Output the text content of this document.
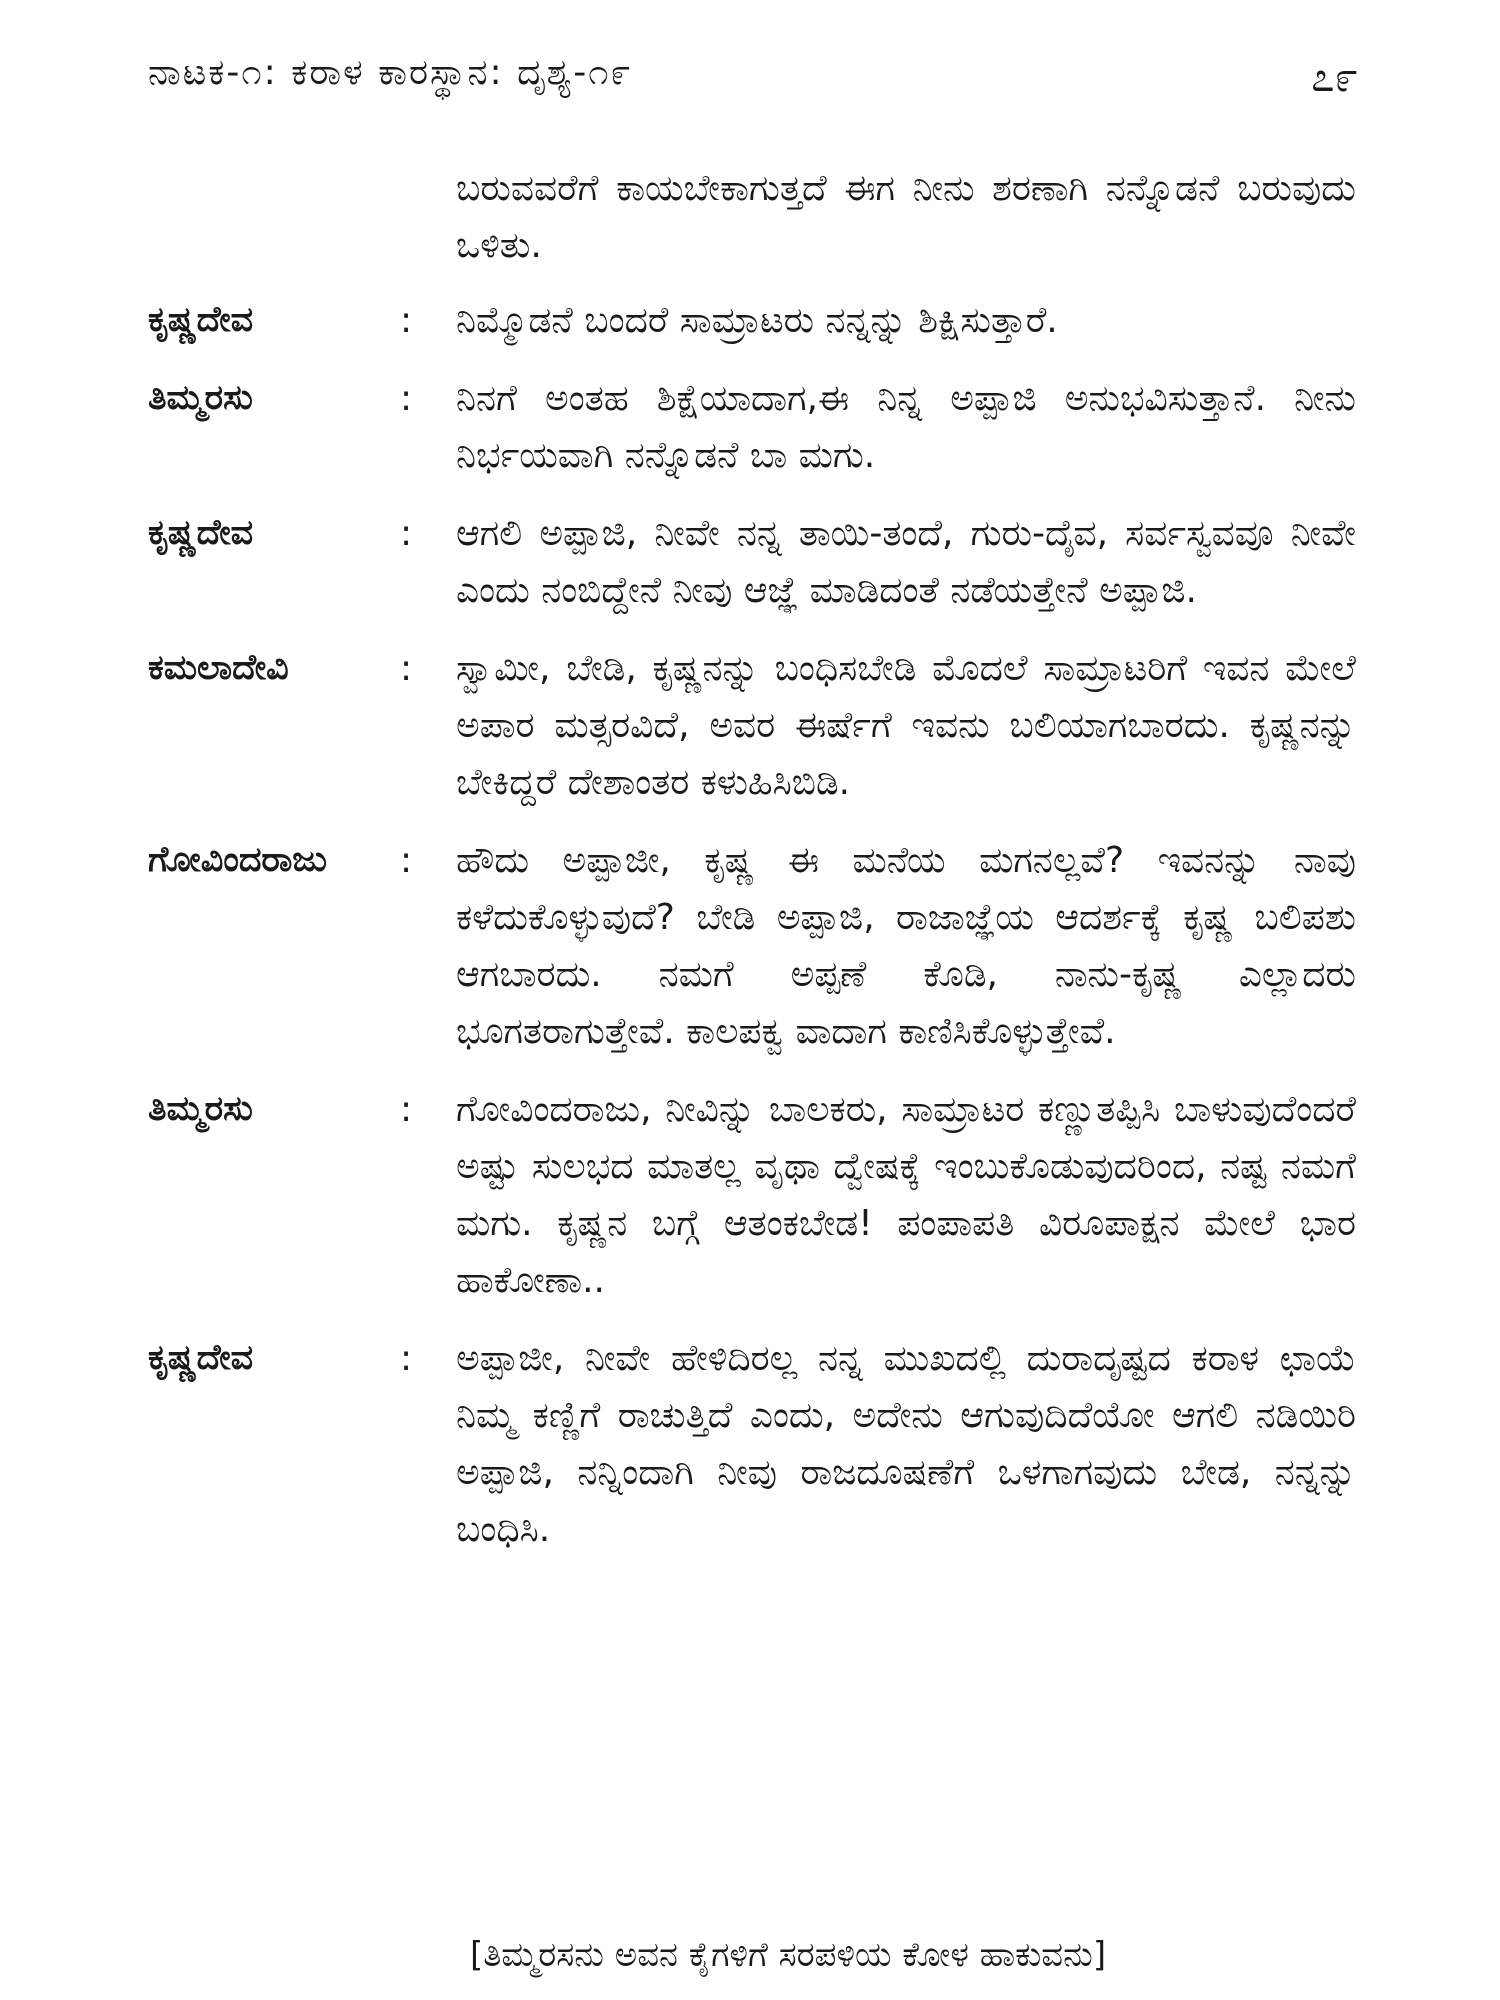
ನಾಟಕ-೧: ಕರಾಳ ಕಾರಸ್ಥಾನ: ದೃಶ್ಯ-೧೯	೭೯
ಬರುವವರೆಗೆ ಕಾಯಬೇಕಾಗುತ್ತದೆ ಈಗ ನೀನು ಶರಣಾಗಿ ನನ್ನೊಡನೆ ಬರುವುದು ಒಳಿತು.
ಕೃಷ್ಣದೇವ	:	ನಿಮ್ಮೊಡನೆ ಬಂದರೆ ಸಾಮ್ರಾಟರು ನನ್ನನ್ನು ಶಿಕ್ಷಿಸುತ್ತಾರೆ.
ತಿಮ್ಮರಸು	:	ನಿನಗೆ ಅಂತಹ ಶಿಕ್ಷೆಯಾದಾಗ,ಈ ನಿನ್ನ ಅಪ್ಪಾಜಿ ಅನುಭವಿಸುತ್ತಾನೆ. ನೀನು ನಿರ್ಭಯವಾಗಿ ನನ್ನೊಡನೆ ಬಾ ಮಗು.
ಕೃಷ್ಣದೇವ	:	ಆಗಲಿ ಅಪ್ಪಾಜಿ, ನೀವೇ ನನ್ನ ತಾಯಿ-ತಂದೆ, ಗುರು-ದೈವ, ಸರ್ವಸ್ವವವೂ ನೀವೇ ಎಂದು ನಂಬಿದ್ದೇನೆ ನೀವು ಆಜ್ಞೆ ಮಾಡಿದಂತೆ ನಡೆಯತ್ತೇನೆ ಅಪ್ಪಾಜಿ.
ಕಮಲಾದೇವಿ	:	ಸ್ವಾಮೀ, ಬೇಡಿ, ಕೃಷ್ಣನನ್ನು ಬಂಧಿಸಬೇಡಿ ಮೊದಲೆ ಸಾಮ್ರಾಟರಿಗೆ ಇವನ ಮೇಲೆ ಅಪಾರ ಮತ್ಸರವಿದೆ, ಅವರ ಈರ್ಷೆಗೆ ಇವನು ಬಲಿಯಾಗಬಾರದು. ಕೃಷ್ಣನನ್ನು ಬೇಕಿದ್ದರೆ ದೇಶಾಂತರ ಕಳುಹಿಸಿಬಿಡಿ.
ಗೋವಿಂದರಾಜು	:	ಹೌದು ಅಪ್ಪಾಜೀ, ಕೃಷ್ಣ ಈ ಮನೆಯ ಮಗನಲ್ಲವೆ? ಇವನನ್ನು ನಾವು ಕಳೆದುಕೊಳ್ಳುವುದೆ? ಬೇಡಿ ಅಪ್ಪಾಜಿ, ರಾಜಾಜ್ಞೆಯ ಆದರ್ಶಕ್ಕೆ ಕೃಷ್ಣ ಬಲಿಪಶು ಆಗಬಾರದು. ನಮಗೆ ಅಪ್ಪಣೆ ಕೊಡಿ, ನಾನು-ಕೃಷ್ಣ ಎಲ್ಲಾದರು ಭೂಗತರಾಗುತ್ತೇವೆ. ಕಾಲಪಕ್ವ ವಾದಾಗ ಕಾಣಿಸಿಕೊಳ್ಳುತ್ತೇವೆ.
ತಿಮ್ಮರಸು	:	ಗೋವಿಂದರಾಜು, ನೀವಿನ್ನು ಬಾಲಕರು, ಸಾಮ್ರಾಟರ ಕಣ್ಣುತಪ್ಪಿಸಿ ಬಾಳುವುದೆಂದರೆ ಅಷ್ಟು ಸುಲಭದ ಮಾತಲ್ಲ ವೃಥಾ ದ್ವೇಷಕ್ಕೆ ಇಂಬುಕೊಡುವುದರಿಂದ, ನಷ್ಟ ನಮಗೆ ಮಗು. ಕೃಷ್ಣನ ಬಗ್ಗೆ ಆತಂಕಬೇಡ! ಪಂಪಾಪತಿ ವಿರೂಪಾಕ್ಷನ ಮೇಲೆ ಭಾರ ಹಾಕೋಣಾ..
ಕೃಷ್ಣದೇವ	:	ಅಪ್ಪಾಜೀ, ನೀವೇ ಹೇಳಿದಿರಲ್ಲ ನನ್ನ ಮುಖದಲ್ಲಿ ದುರಾದೃಷ್ಟದ ಕರಾಳ ಛಾಯೆ ನಿಮ್ಮ ಕಣ್ಣಿಗೆ ರಾಚುತ್ತಿದೆ ಎಂದು, ಅದೇನು ಆಗುವುದಿದೆಯೋ ಆಗಲಿ ನಡಿಯಿರಿ ಅಪ್ಪಾಜಿ, ನನ್ನಿಂದಾಗಿ ನೀವು ರಾಜದೂಷಣೆಗೆ ಒಳಗಾಗವುದು ಬೇಡ, ನನ್ನನ್ನು ಬಂಧಿಸಿ.
[ತಿಮ್ಮರಸನು ಅವನ ಕೈಗಳಿಗೆ ಸರಪಳಿಯ ಕೋಳ ಹಾಕುವನು]
